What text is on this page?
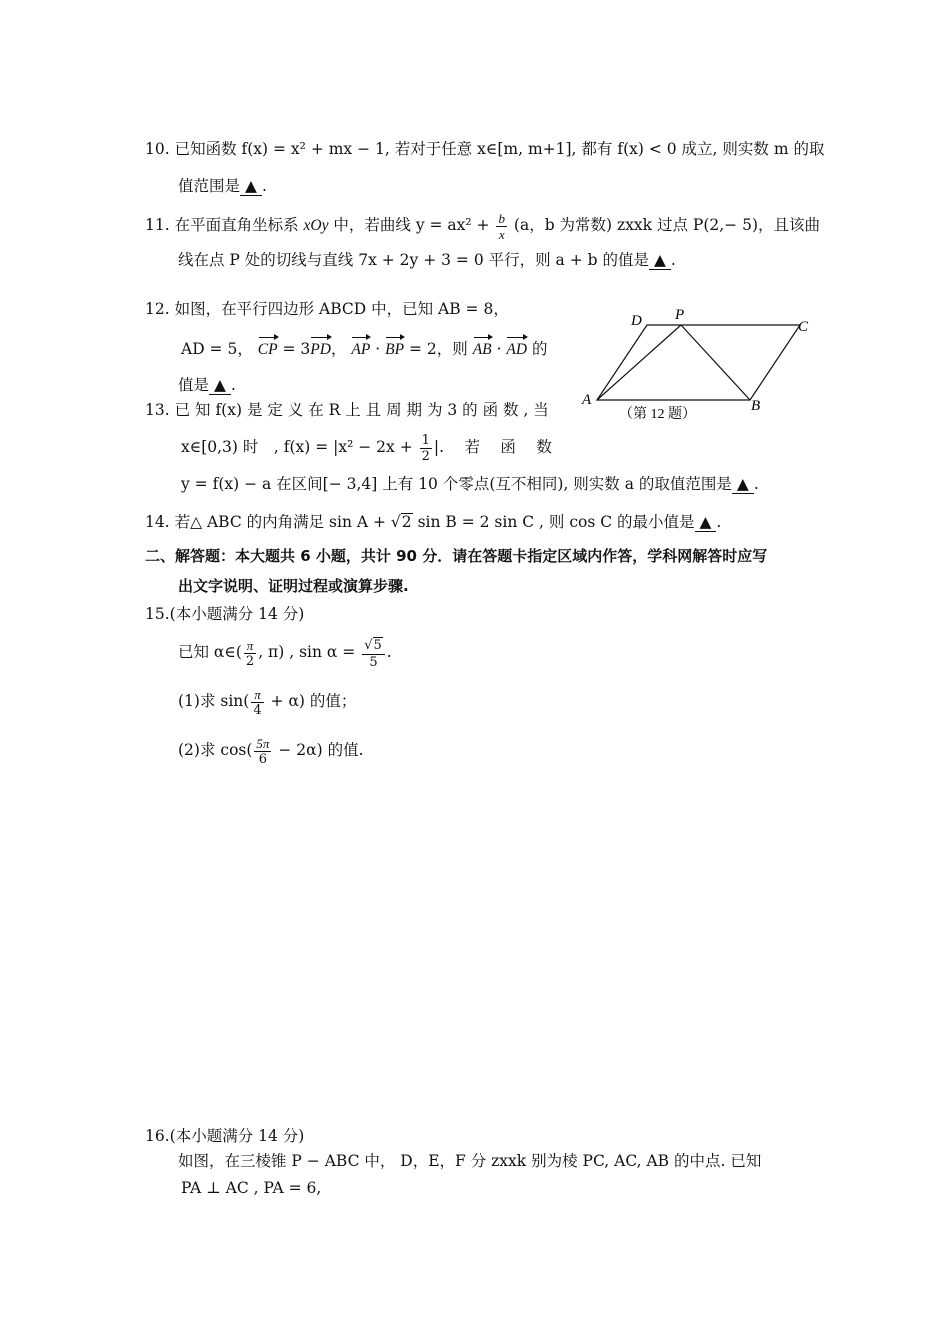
10. 已知函数 f(x) = x² + mx − 1, 若对于任意 x∈[m, m+1], 都有 f(x) < 0 成立, 则实数 m 的取
值范围是 ▲ .
11. 在平面直角坐标系 xOy 中，若曲线 $y = ax^2 + \frac{b}{x} (a$，b 为常数) zxxk 过点 P(2,− 5)，且该曲
线在点 P 处的切线与直线 7x + 2y + 3 = 0 平行，则 a + b 的值是 ▲ .
12. 如图，在平行四边形 ABCD 中，已知 AB = 8，
AD = 5， CP = 3PD， AP · BP = 2，则 AB · AD 的
值是 ▲ .
D P
C
A	B
（第 12 题）
13. 已 知 f(x) 是 定 义 在 R 上 且 周 期 为 3 的 函 数 , 当
x∈[0,3) 时　, $f(x) = |x^2 - 2x + \frac{1}{2}$ |.　 若　 函　 数
y = f(x) − a 在区间[− 3,4] 上有 10 个零点(互不相同), 则实数 a 的取值范围是 ▲ .
14. 若△ ABC 的内角满足 sin A + √2 sin B = 2 sin C , 则 cos C 的最小值是 ▲ .
二、解答题：本大题共 6 小题，共计 90 分．请在答题卡指定区域内作答，学科网解答时应写
出文字说明、证明过程或演算步骤.
15.(本小题满分 14 分)
已知 α∈( $\frac{\pi}{2}$ , π) , $\sin \alpha = \frac{√5}{5}$ .
(1)求 $\sin( \frac{\pi}{4} + \alpha)$ 的值；
(2)求 $\cos( \frac{5\pi}{6} - 2\alpha)$ 的值.
16.(本小题满分 14 分)
如图，在三棱锥 P − ABC 中， D，E，F 分 zxxk 别为棱 PC, AC, AB 的中点. 已知
PA ⊥ AC , PA = 6,
